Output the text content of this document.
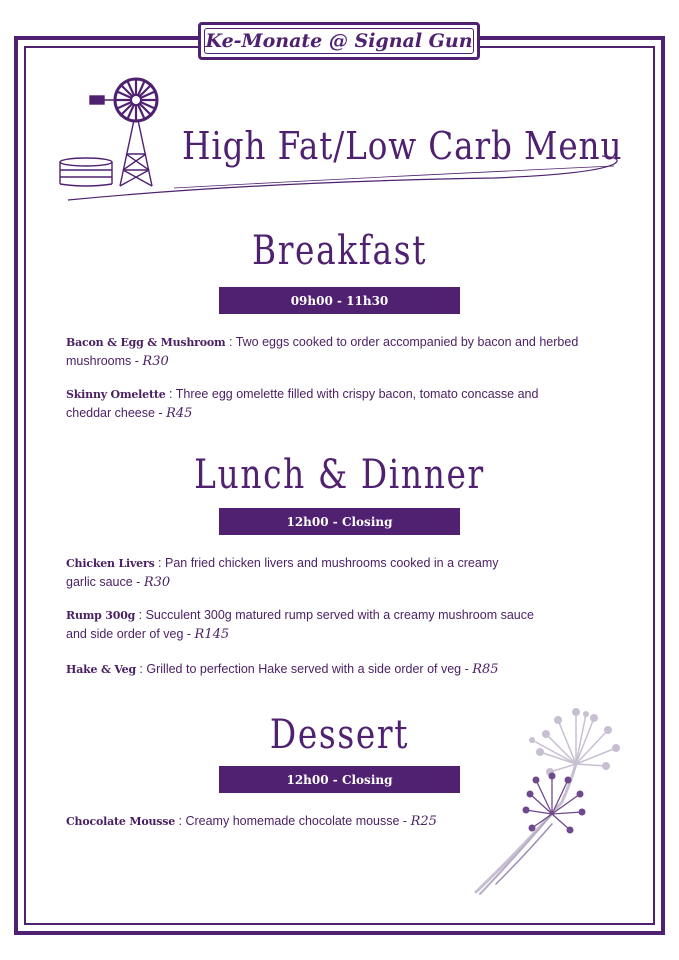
Ke-Monate @ Signal Gun
High Fat/Low Carb Menu
Breakfast
09h00 - 11h30
Bacon & Egg & Mushroom : Two eggs cooked to order accompanied by bacon and herbed
mushrooms - R30
Skinny Omelette : Three egg omelette filled with crispy bacon, tomato concasse and
cheddar cheese - R45
Lunch & Dinner
12h00 - Closing
Chicken Livers : Pan fried chicken livers and mushrooms cooked in a creamy
garlic sauce - R30
Rump 300g : Succulent 300g matured rump served with a creamy mushroom sauce
and side order of veg - R145
Hake & Veg : Grilled to perfection Hake served with a side order of veg - R85
Dessert
12h00 - Closing
Chocolate Mousse : Creamy homemade chocolate mousse - R25
